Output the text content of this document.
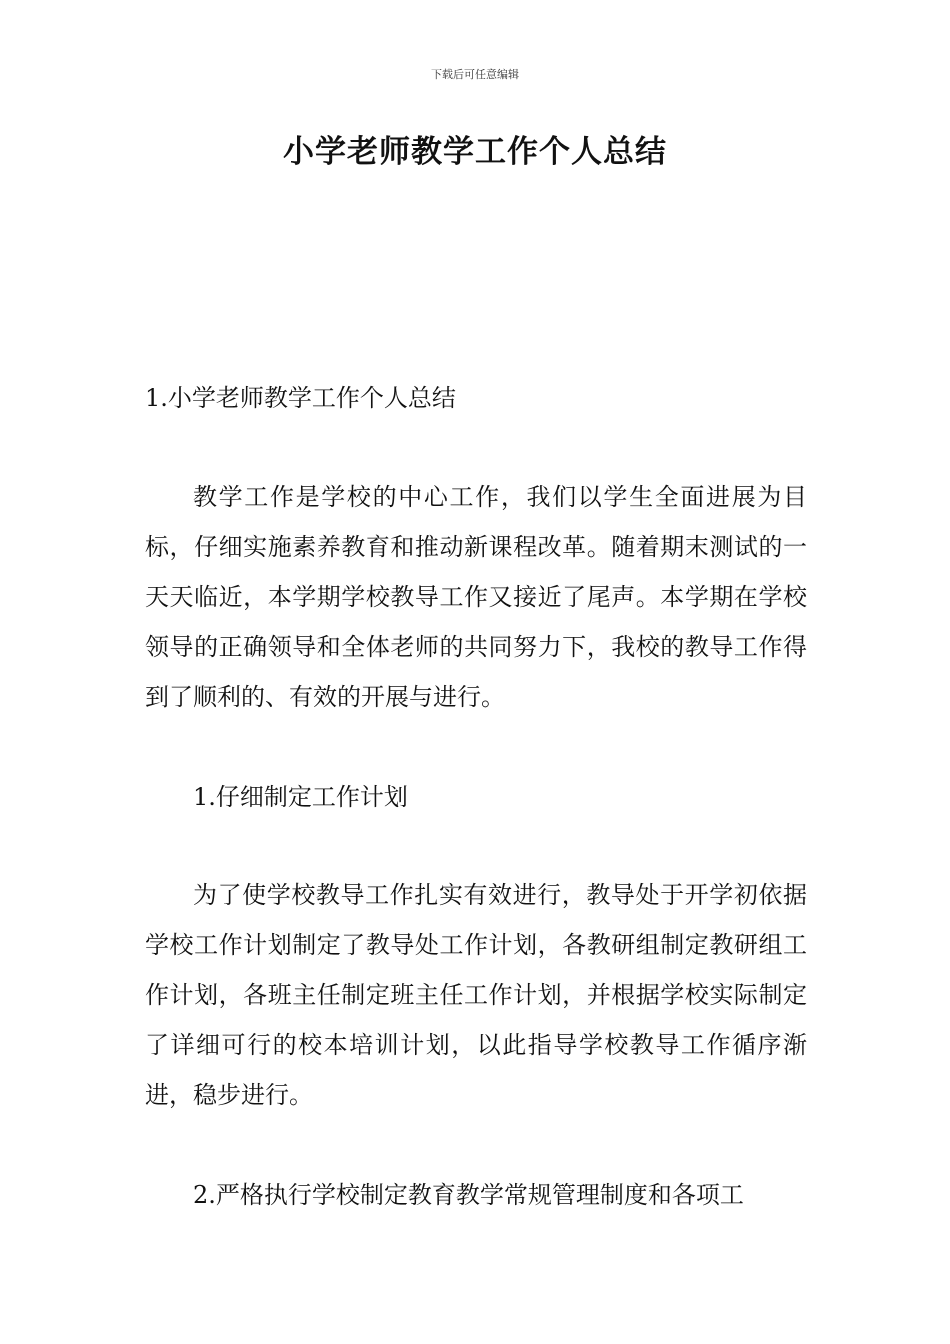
下载后可任意编辑
小学老师教学工作个人总结

1.小学老师教学工作个人总结

教学工作是学校的中心工作，我们以学生全面进展为目标，仔细实施素养教育和推动新课程改革。随着期末测试的一天天临近，本学期学校教导工作又接近了尾声。本学期在学校领导的正确领导和全体老师的共同努力下，我校的教导工作得到了顺利的、有效的开展与进行。

1.仔细制定工作计划

为了使学校教导工作扎实有效进行，教导处于开学初依据学校工作计划制定了教导处工作计划，各教研组制定教研组工作计划，各班主任制定班主任工作计划，并根据学校实际制定了详细可行的校本培训计划，以此指导学校教导工作循序渐进，稳步进行。

2.严格执行学校制定教育教学常规管理制度和各项工
